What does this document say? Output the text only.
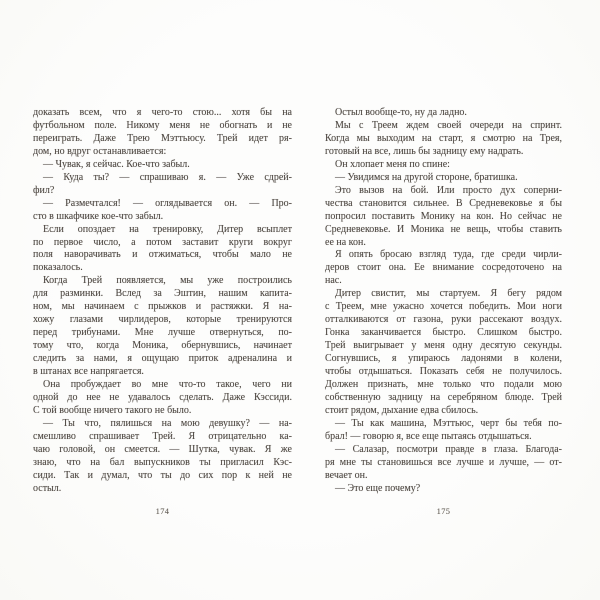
доказать всем, что я чего-то стою... хотя бы на
футбольном поле. Никому меня не обогнать и не
переиграть. Даже Трею Мэттьюсу. Трей идет ря-
дом, но вдруг останавливается:
— Чувак, я сейчас. Кое-что забыл.
— Куда ты? — спрашиваю я. — Уже сдрей-
фил?
— Размечтался! — оглядывается он. — Про-
сто в шкафчике кое-что забыл.
Если опоздает на тренировку, Дитер всыплет
по первое число, а потом заставит круги вокруг
поля наворачивать и отжиматься, чтобы мало не
показалось.
Когда Трей появляется, мы уже построились
для разминки. Вслед за Эштин, нашим капита-
ном, мы начинаем с прыжков и растяжки. Я на-
хожу глазами чирлидеров, которые тренируются
перед трибунами. Мне лучше отвернуться, по-
тому что, когда Моника, обернувшись, начинает
следить за нами, я ощущаю приток адреналина и
в штанах все напрягается.
Она пробуждает во мне что-то такое, чего ни
одной до нее не удавалось сделать. Даже Кэссиди.
С той вообще ничего такого не было.
— Ты что, пялишься на мою девушку? — на-
смешливо спрашивает Трей. Я отрицательно ка-
чаю головой, он смеется. — Шутка, чувак. Я же
знаю, что на бал выпускников ты пригласил Кэс-
сиди. Так и думал, что ты до сих пор к ней не
остыл.
174
Остыл вообще-то, ну да ладно.
Мы с Треем ждем своей очереди на спринт.
Когда мы выходим на старт, я смотрю на Трея,
готовый на все, лишь бы задницу ему надрать.
Он хлопает меня по спине:
— Увидимся на другой стороне, братишка.
Это вызов на бой. Или просто дух соперни-
чества становится сильнее. В Средневековье я бы
попросил поставить Монику на кон. Но сейчас не
Средневековье. И Моника не вещь, чтобы ставить
ее на кон.
Я опять бросаю взгляд туда, где среди чирли-
деров стоит она. Ее внимание сосредоточено на
нас.
Дитер свистит, мы стартуем. Я бегу рядом
с Треем, мне ужасно хочется победить. Мои ноги
отталкиваются от газона, руки рассекают воздух.
Гонка заканчивается быстро. Слишком быстро.
Трей выигрывает у меня одну десятую секунды.
Согнувшись, я упираюсь ладонями в колени,
чтобы отдышаться. Показать себя не получилось.
Должен признать, мне только что подали мою
собственную задницу на серебряном блюде. Трей
стоит рядом, дыхание едва сбилось.
— Ты как машина, Мэттьюс, черт бы тебя по-
брал! — говорю я, все еще пытаясь отдышаться.
— Салазар, посмотри правде в глаза. Благода-
ря мне ты становишься все лучше и лучше, — от-
вечает он.
— Это еще почему?
175
